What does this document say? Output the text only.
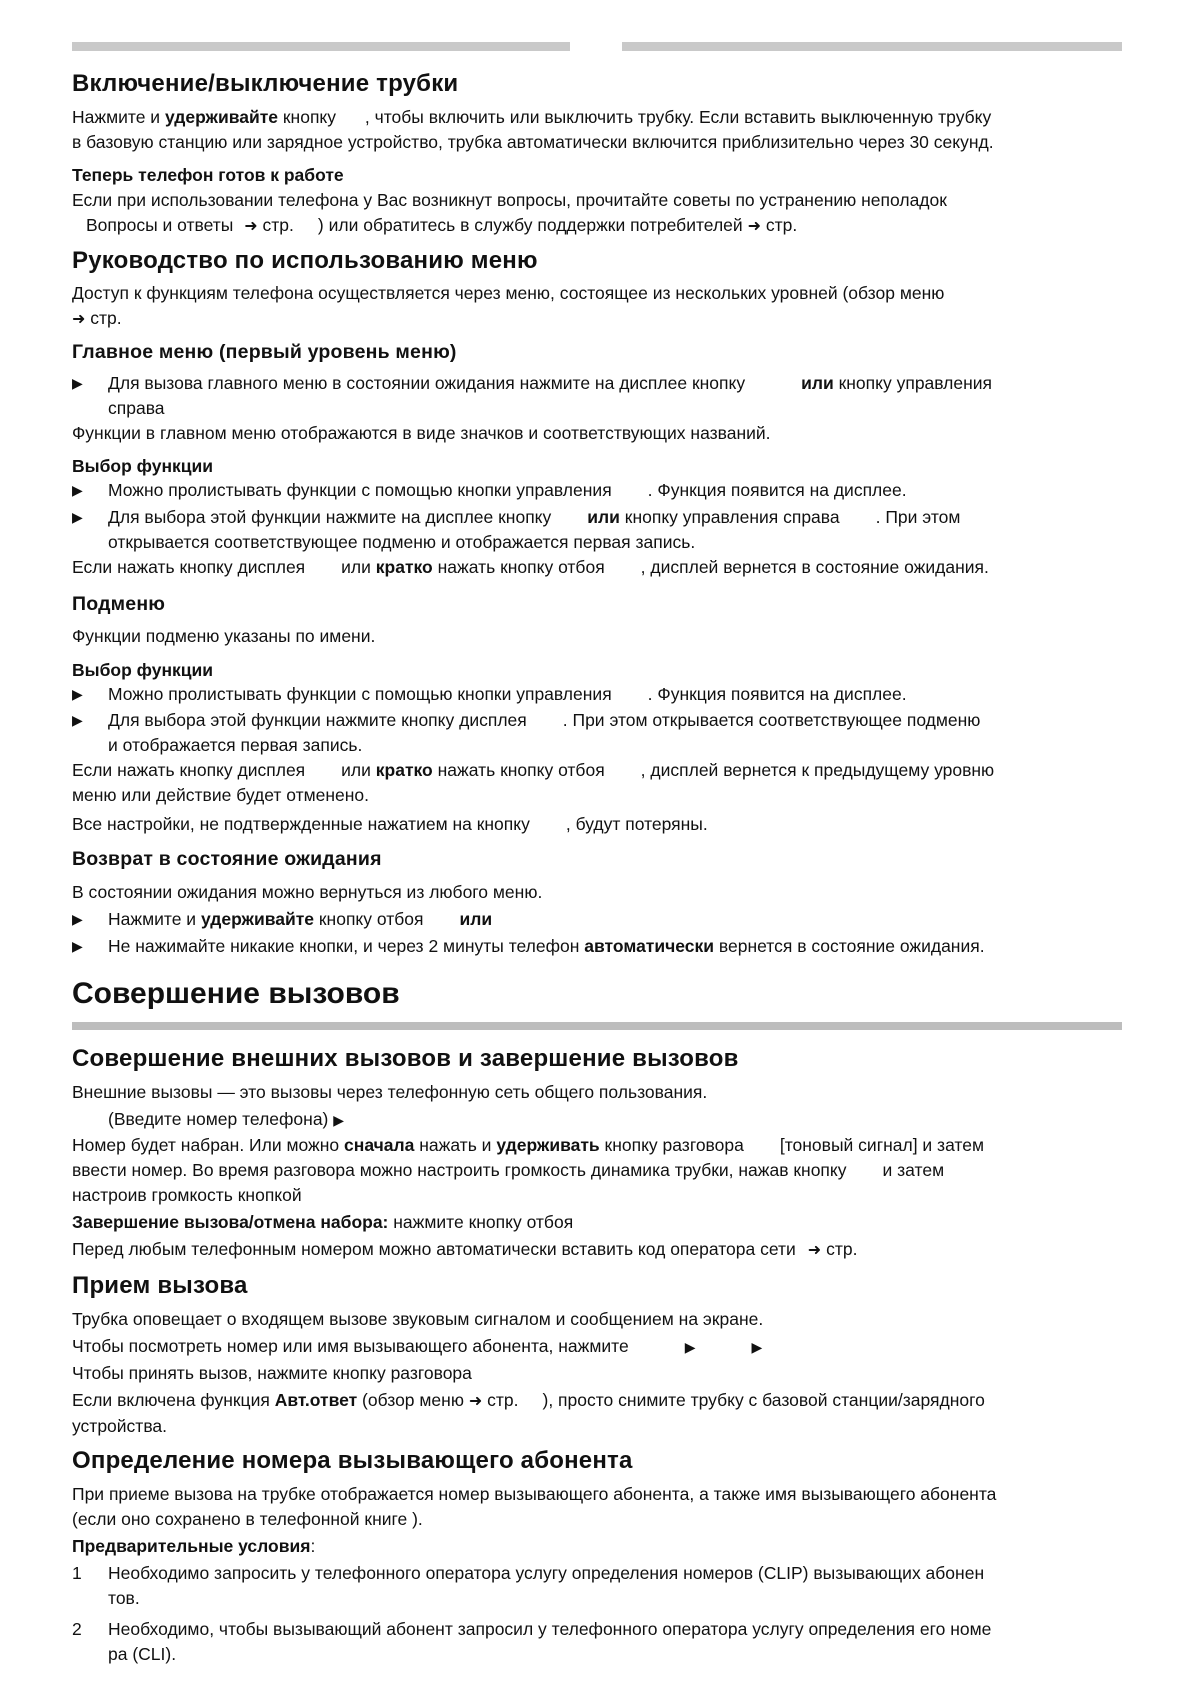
Включение/выключение трубки
Нажмите и удерживайте кнопку , чтобы включить или выключить трубку. Если вставить выключенную трубку
в базовую станцию или зарядное устройство, трубка автоматически включится приблизительно через 30 секунд.
Теперь телефон готов к работе
Если при использовании телефона у Вас возникнут вопросы, прочитайте советы по устранению неполадок
Вопросы и ответы ➜ стр. ) или обратитесь в службу поддержки потребителей ➜ стр.
Руководство по использованию меню
Доступ к функциям телефона осуществляется через меню, состоящее из нескольких уровней (обзор меню
➜ стр.
Главное меню (первый уровень меню)
▶	Для вызова главного меню в состоянии ожидания нажмите на дисплее кнопку	или кнопку управления
справа
Функции в главном меню отображаются в виде значков и соответствующих названий.
Выбор функции
▶	Можно пролистывать функции с помощью кнопки управления . Функция появится на дисплее.
▶	Для выбора этой функции нажмите на дисплее кнопку или кнопку управления справа . При этом
открывается соответствующее подменю и отображается первая запись.
Если нажать кнопку дисплея или кратко нажать кнопку отбоя , дисплей вернется в состояние ожидания.
Подменю
Функции подменю указаны по имени.
Выбор функции
▶	Можно пролистывать функции с помощью кнопки управления . Функция появится на дисплее.
▶	Для выбора этой функции нажмите кнопку дисплея . При этом открывается соответствующее подменю
и отображается первая запись.
Если нажать кнопку дисплея или кратко нажать кнопку отбоя , дисплей вернется к предыдущему уровню
меню или действие будет отменено.
Все настройки, не подтвержденные нажатием на кнопку , будут потеряны.
Возврат в состояние ожидания
В состоянии ожидания можно вернуться из любого меню.
▶	Нажмите и удерживайте кнопку отбоя или
▶	Не нажимайте никакие кнопки, и через 2 минуты телефон автоматически вернется в состояние ожидания.
Совершение вызовов
Совершение внешних вызовов и завершение вызовов
Внешние вызовы — это вызовы через телефонную сеть общего пользования.
(Введите номер телефона) ▶
Номер будет набран. Или можно сначала нажать и удерживать кнопку разговора [тоновый сигнал] и затем
ввести номер. Во время разговора можно настроить громкость динамика трубки, нажав кнопку и затем
настроив громкость кнопкой
Завершение вызова/отмена набора: нажмите кнопку отбоя
Перед любым телефонным номером можно автоматически вставить код оператора сети ➜ стр.
Прием вызова
Трубка оповещает о входящем вызове звуковым сигналом и сообщением на экране.
Чтобы посмотреть номер или имя вызывающего абонента, нажмите	▶	▶
Чтобы принять вызов, нажмите кнопку разговора
Если включена функция Авт.ответ (обзор меню ➜ стр. ), просто снимите трубку с базовой станции/зарядного
устройства.
Определение номера вызывающего абонента
При приеме вызова на трубке отображается номер вызывающего абонента, а также имя вызывающего абонента
(если оно сохранено в телефонной книге ).
Предварительные условия:
1	Необходимо запросить у телефонного оператора услугу определения номеров (CLIP) вызывающих абонен
тов.
2	Необходимо, чтобы вызывающий абонент запросил у телефонного оператора услугу определения его номе
ра (CLI).
